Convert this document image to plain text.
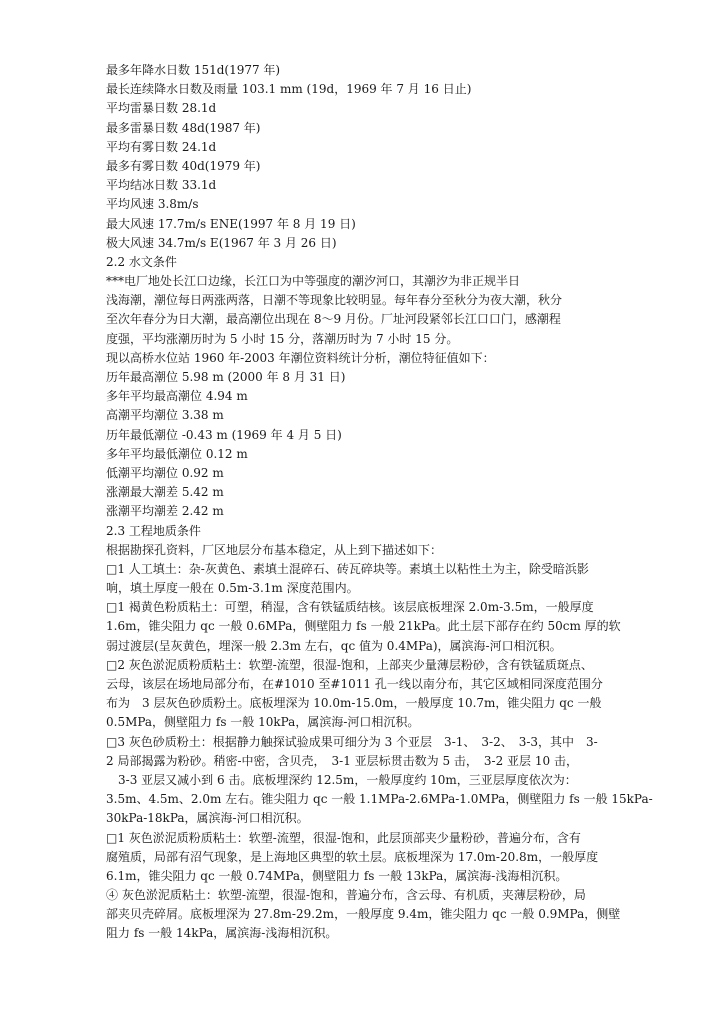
最多年降水日数 151d(1977 年)
最长连续降水日数及雨量 103.1 mm (19d，1969 年 7 月 16 日止)
平均雷暴日数 28.1d
最多雷暴日数 48d(1987 年)
平均有雾日数 24.1d
最多有雾日数 40d(1979 年)
平均结冰日数 33.1d
平均风速 3.8m/s
最大风速 17.7m/s ENE(1997 年 8 月 19 日)
极大风速 34.7m/s E(1967 年 3 月 26 日)
2.2 水文条件
***电厂地处长江口边缘，长江口为中等强度的潮汐河口，其潮汐为非正规半日
浅海潮，潮位每日两涨两落，日潮不等现象比较明显。每年春分至秋分为夜大潮，秋分
至次年春分为日大潮，最高潮位出现在 8～9 月份。厂址河段紧邻长江口口门，感潮程
度强，平均涨潮历时为 5 小时 15 分，落潮历时为 7 小时 15 分。
现以高桥水位站 1960 年-2003 年潮位资料统计分析，潮位特征值如下：
历年最高潮位 5.98 m (2000 年 8 月 31 日)
多年平均最高潮位 4.94 m
高潮平均潮位 3.38 m
历年最低潮位 -0.43 m (1969 年 4 月 5 日)
多年平均最低潮位 0.12 m
低潮平均潮位 0.92 m
涨潮最大潮差 5.42 m
涨潮平均潮差 2.42 m
2.3 工程地质条件
根据勘探孔资料，厂区地层分布基本稳定，从上到下描述如下：
□1 人工填土：杂-灰黄色、素填土混碎石、砖瓦碎块等。素填土以粘性土为主，除受暗浜影
响，填土厚度一般在 0.5m-3.1m 深度范围内。
□1 褐黄色粉质粘土：可塑，稍湿，含有铁锰质结核。该层底板埋深 2.0m-3.5m，一般厚度
1.6m，锥尖阻力 qc 一般 0.6MPa，侧壁阻力 fs 一般 21kPa。此土层下部存在约 50cm 厚的软
弱过渡层(呈灰黄色，埋深一般 2.3m 左右，qc 值为 0.4MPa)，属滨海-河口相沉积。
□2 灰色淤泥质粉质粘土：软塑-流塑，很湿-饱和，上部夹少量薄层粉砂，含有铁锰质斑点、
云母，该层在场地局部分布，在#1010 至#1011 孔一线以南分布，其它区域相同深度范围分
布为　3 层灰色砂质粉土。底板埋深为 10.0m-15.0m，一般厚度 10.7m，锥尖阻力 qc 一般
0.5MPa，侧壁阻力 fs 一般 10kPa，属滨海-河口相沉积。
□3 灰色砂质粉土：根据静力触探试验成果可细分为 3 个亚层　3-1、　3-2、　3-3，其中　3-
2 局部揭露为粉砂。稍密-中密，含贝壳，　3-1 亚层标贯击数为 5 击，　3-2 亚层 10 击，
3-3 亚层又减小到 6 击。底板埋深约 12.5m，一般厚度约 10m，三亚层厚度依次为：
3.5m、4.5m、2.0m 左右。锥尖阻力 qc 一般 1.1MPa-2.6MPa-1.0MPa，侧壁阻力 fs 一般 15kPa-
30kPa-18kPa，属滨海-河口相沉积。
□1 灰色淤泥质粉质粘土：软塑-流塑，很湿-饱和，此层顶部夹少量粉砂，普遍分布，含有
腐殖质，局部有沼气现象，是上海地区典型的软土层。底板埋深为 17.0m-20.8m，一般厚度
6.1m，锥尖阻力 qc 一般 0.74MPa，侧壁阻力 fs 一般 13kPa，属滨海-浅海相沉积。
④ 灰色淤泥质粘土：软塑-流塑，很湿-饱和，普遍分布，含云母、有机质，夹薄层粉砂，局
部夹贝壳碎屑。底板埋深为 27.8m-29.2m，一般厚度 9.4m，锥尖阻力 qc 一般 0.9MPa，侧壁
阻力 fs 一般 14kPa，属滨海-浅海相沉积。
